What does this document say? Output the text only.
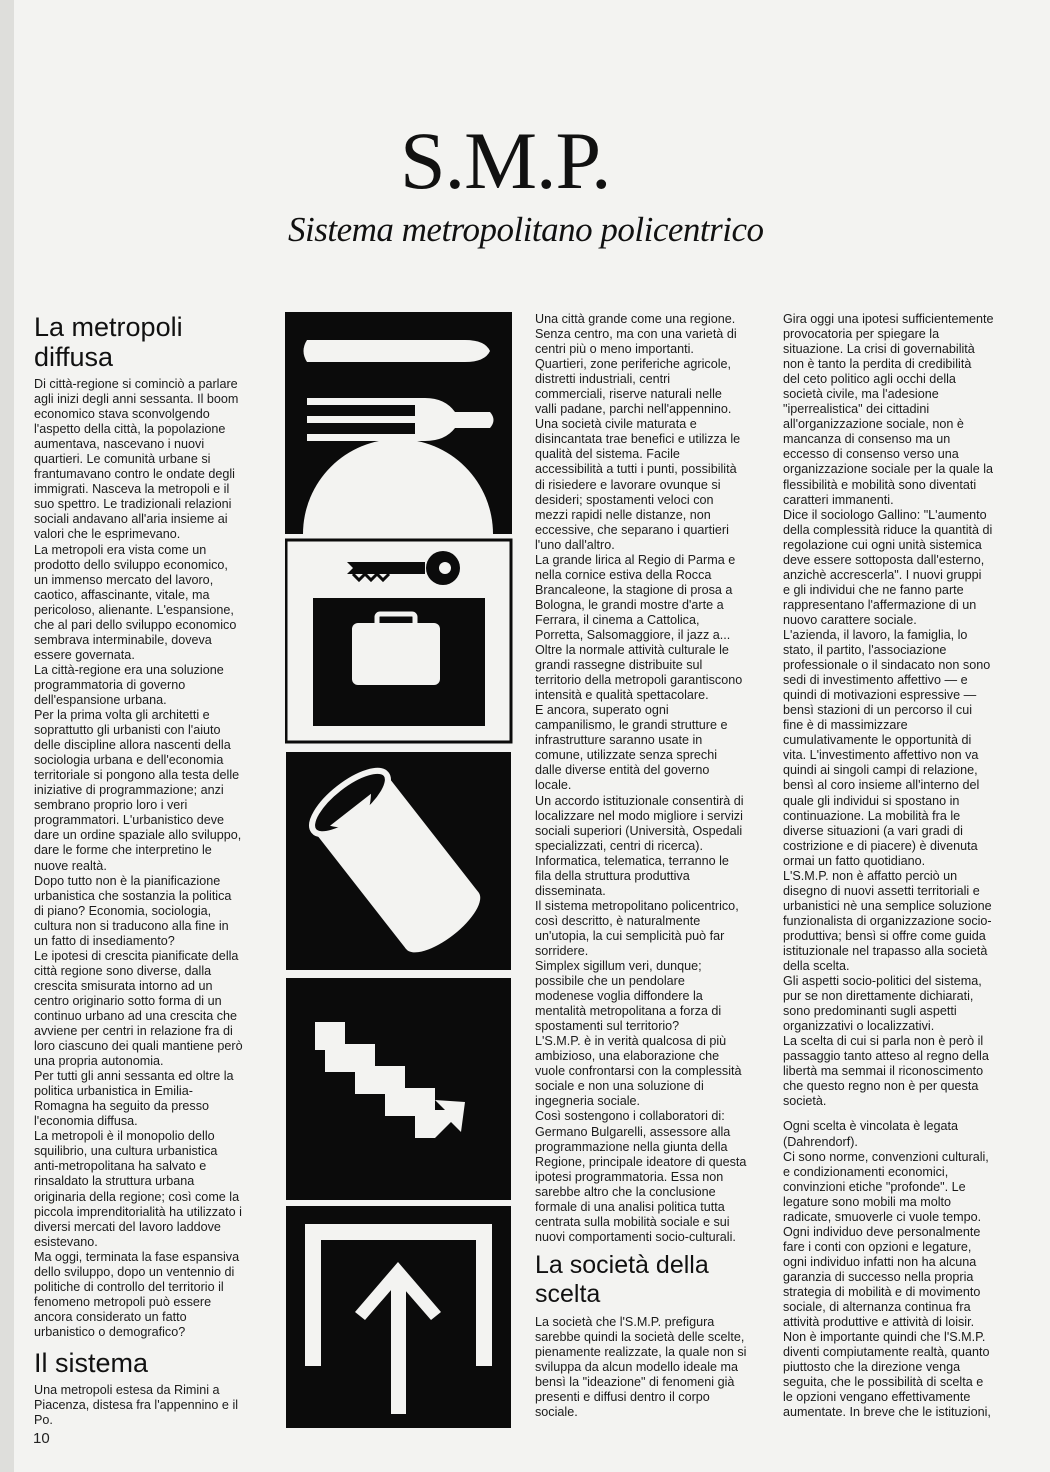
S.M.P.
Sistema metropolitano policentrico
La metropoli
diffusa

Di città-regione si cominciò a parlare
agli inizi degli anni sessanta. Il boom
economico stava sconvolgendo
l'aspetto della città, la popolazione
aumentava, nascevano i nuovi
quartieri. Le comunità urbane si
frantumavano contro le ondate degli
immigrati. Nasceva la metropoli e il
suo spettro. Le tradizionali relazioni
sociali andavano all'aria insieme ai
valori che le esprimevano.
La metropoli era vista come un
prodotto dello sviluppo economico,
un immenso mercato del lavoro,
caotico, affascinante, vitale, ma
pericoloso, alienante. L'espansione,
che al pari dello sviluppo economico
sembrava interminabile, doveva
essere governata.
La città-regione era una soluzione
programmatoria di governo
dell'espansione urbana.
Per la prima volta gli architetti e
soprattutto gli urbanisti con l'aiuto
delle discipline allora nascenti della
sociologia urbana e dell'economia
territoriale si pongono alla testa delle
iniziative di programmazione; anzi
sembrano proprio loro i veri
programmatori. L'urbanistico deve
dare un ordine spaziale allo sviluppo,
dare le forme che interpretino le
nuove realtà.
Dopo tutto non è la pianificazione
urbanistica che sostanzia la politica
di piano? Economia, sociologia,
cultura non si traducono alla fine in
un fatto di insediamento?
Le ipotesi di crescita pianificate della
città regione sono diverse, dalla
crescita smisurata intorno ad un
centro originario sotto forma di un
continuo urbano ad una crescita che
avviene per centri in relazione fra di
loro ciascuno dei quali mantiene però
una propria autonomia.
Per tutti gli anni sessanta ed oltre la
politica urbanistica in Emilia-
Romagna ha seguito da presso
l'economia diffusa.
La metropoli è il monopolio dello
squilibrio, una cultura urbanistica
anti-metropolitana ha salvato e
rinsaldato la struttura urbana
originaria della regione; così come la
piccola imprenditorialità ha utilizzato i
diversi mercati del lavoro laddove
esistevano.
Ma oggi, terminata la fase espansiva
dello sviluppo, dopo un ventennio di
politiche di controllo del territorio il
fenomeno metropoli può essere
ancora considerato un fatto
urbanistico o demografico?

Il sistema

Una metropoli estesa da Rimini a
Piacenza, distesa fra l'appennino e il
Po.

Una città grande come una regione.
Senza centro, ma con una varietà di
centri più o meno importanti.
Quartieri, zone periferiche agricole,
distretti industriali, centri
commerciali, riserve naturali nelle
valli padane, parchi nell'appennino.
Una società civile maturata e
disincantata trae benefici e utilizza le
qualità del sistema. Facile
accessibilità a tutti i punti, possibilità
di risiedere e lavorare ovunque si
desideri; spostamenti veloci con
mezzi rapidi nelle distanze, non
eccessive, che separano i quartieri
l'uno dall'altro.
La grande lirica al Regio di Parma e
nella cornice estiva della Rocca
Brancaleone, la stagione di prosa a
Bologna, le grandi mostre d'arte a
Ferrara, il cinema a Cattolica,
Porretta, Salsomaggiore, il jazz a...
Oltre la normale attività culturale le
grandi rassegne distribuite sul
territorio della metropoli garantiscono
intensità e qualità spettacolare.
E ancora, superato ogni
campanilismo, le grandi strutture e
infrastrutture saranno usate in
comune, utilizzate senza sprechi
dalle diverse entità del governo
locale.
Un accordo istituzionale consentirà di
localizzare nel modo migliore i servizi
sociali superiori (Università, Ospedali
specializzati, centri di ricerca).
Informatica, telematica, terranno le
fila della struttura produttiva
disseminata.
Il sistema metropolitano policentrico,
così descritto, è naturalmente
un'utopia, la cui semplicità può far
sorridere.
Simplex sigillum veri, dunque;
possibile che un pendolare
modenese voglia diffondere la
mentalità metropolitana a forza di
spostamenti sul territorio?
L'S.M.P. è in verità qualcosa di più
ambizioso, una elaborazione che
vuole confrontarsi con la complessità
sociale e non una soluzione di
ingegneria sociale.
Così sostengono i collaboratori di:
Germano Bulgarelli, assessore alla
programmazione nella giunta della
Regione, principale ideatore di questa
ipotesi programmatoria. Essa non
sarebbe altro che la conclusione
formale di una analisi politica tutta
centrata sulla mobilità sociale e sui
nuovi comportamenti socio-culturali.

La società della
scelta

La società che l'S.M.P. prefigura
sarebbe quindi la società delle scelte,
pienamente realizzate, la quale non si
sviluppa da alcun modello ideale ma
bensì la "ideazione" di fenomeni già
presenti e diffusi dentro il corpo
sociale.

Gira oggi una ipotesi sufficientemente
provocatoria per spiegare la
situazione. La crisi di governabilità
non è tanto la perdita di credibilità
del ceto politico agli occhi della
società civile, ma l'adesione
"iperrealistica" dei cittadini
all'organizzazione sociale, non è
mancanza di consenso ma un
eccesso di consenso verso una
organizzazione sociale per la quale la
flessibilità e mobilità sono diventati
caratteri immanenti.
Dice il sociologo Gallino: "L'aumento
della complessità riduce la quantità di
regolazione cui ogni unità sistemica
deve essere sottoposta dall'esterno,
anzichè accrescerla". I nuovi gruppi
e gli individui che ne fanno parte
rappresentano l'affermazione di un
nuovo carattere sociale.
L'azienda, il lavoro, la famiglia, lo
stato, il partito, l'associazione
professionale o il sindacato non sono
sedi di investimento affettivo — e
quindi di motivazioni espressive —
bensì stazioni di un percorso il cui
fine è di massimizzare
cumulativamente le opportunità di
vita. L'investimento affettivo non va
quindi ai singoli campi di relazione,
bensì al coro insieme all'interno del
quale gli individui si spostano in
continuazione. La mobilità fra le
diverse situazioni (a vari gradi di
costrizione e di piacere) è divenuta
ormai un fatto quotidiano.
L'S.M.P. non è affatto perciò un
disegno di nuovi assetti territoriali e
urbanistici nè una semplice soluzione
funzionalista di organizzazione socio-
produttiva; bensì si offre come guida
istituzionale nel trapasso alla società
della scelta.
Gli aspetti socio-politici del sistema,
pur se non direttamente dichiarati,
sono predominanti sugli aspetti
organizzativi o localizzativi.
La scelta di cui si parla non è però il
passaggio tanto atteso al regno della
libertà ma semmai il riconoscimento
che questo regno non è per questa
società.

Ogni scelta è vincolata è legata
(Dahrendorf).
Ci sono norme, convenzioni culturali,
e condizionamenti economici,
convinzioni etiche "profonde". Le
legature sono mobili ma molto
radicate, smuoverle ci vuole tempo.
Ogni individuo deve personalmente
fare i conti con opzioni e legature,
ogni individuo infatti non ha alcuna
garanzia di successo nella propria
strategia di mobilità e di movimento
sociale, di alternanza continua fra
attività produttive e attività di loisir.
Non è importante quindi che l'S.M.P.
diventi compiutamente realtà, quanto
piuttosto che la direzione venga
seguita, che le possibilità di scelta e
le opzioni vengano effettivamente
aumentate. In breve che le istituzioni,

10
